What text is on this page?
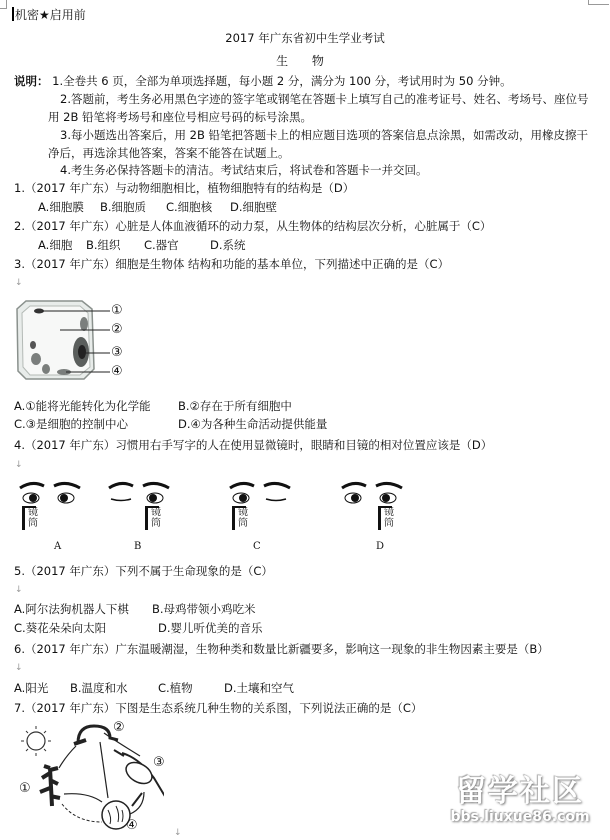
机密★启用前
2017 年广东省初中生学业考试
生 物
说明： 1.全卷共 6 页，全部为单项选择题，每小题 2 分，满分为 100 分，考试用时为 50 分钟。
2.答题前，考生务必用黑色字迹的签字笔或钢笔在答题卡上填写自己的准考证号、姓名、考场号、座位号
用 2B 铅笔将考场号和座位号相应号码的标号涂黑。
3.每小题选出答案后，用 2B 铅笔把答题卡上的相应题目选项的答案信息点涂黑，如需改动，用橡皮擦干
净后，再选涂其他答案，答案不能答在试题上。
4.考生务必保持答题卡的清洁。考试结束后，将试卷和答题卡一并交回。
1.（2017 年广东）与动物细胞相比，植物细胞特有的结构是（D）
A.细胞膜 B.细胞质 C.细胞核 D.细胞壁
2.（2017 年广东）心脏是人体血液循环的动力泵，从生物体的结构层次分析，心脏属于（C）
A.细胞 B.组织 C.器官	D.系统
3.（2017 年广东）细胞是生物体 结构和功能的基本单位，下列描述中正确的是（C）
↓
①
②
③
④
A.①能将光能转化为化学能 B.②存在于所有细胞中
C.③是细胞的控制中心	D.④为各种生命活动提供能量
4.（2017 年广东）习惯用右手写字的人在使用显微镜时，眼睛和目镜的相对位置应该是（D）
↓
镜筒
镜筒
镜筒
镜筒
A	B	C	D
5.（2017 年广东）下列不属于生命现象的是（C）
↓
A.阿尔法狗机器人下棋 B.母鸡带领小鸡吃米
C.葵花朵朵向太阳	D.婴儿听优美的音乐
6.（2017 年广东）广东温暖潮湿，生物种类和数量比新疆要多，影响这一现象的非生物因素主要是（B）
↓
A.阳光 B.温度和水	C.植物	D.土壤和空气
7.（2017 年广东）下图是生态系统几种生物的关系图，下列说法正确的是（C）
①
②
③
④	↓
留学社区
bbs.liuxue86.com
